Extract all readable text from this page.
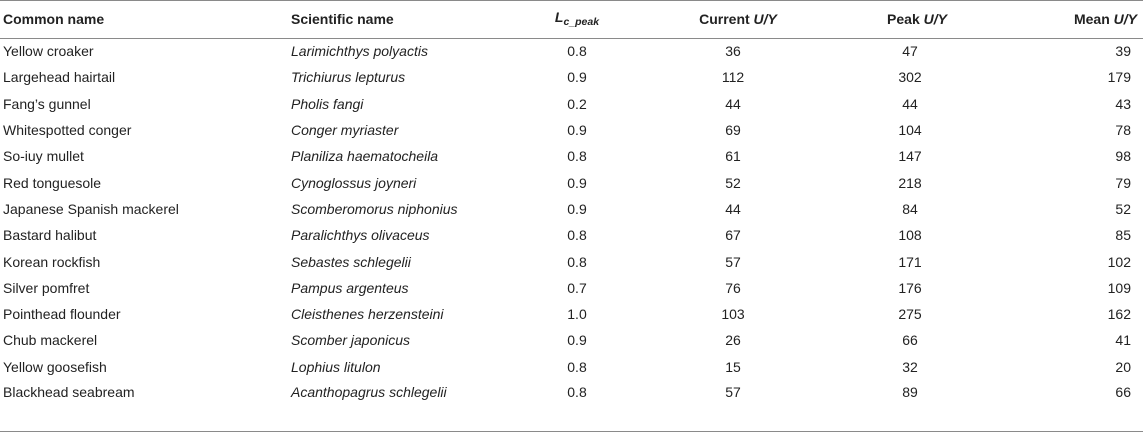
Common name	Scientific name	$L_{c\_peak}$	Current U/Y	Peak U/Y	Mean U/Y
Yellow croaker	Larimichthys polyactis	0.8	36	47	39
Largehead hairtail	Trichiurus lepturus	0.9	112	302	179
Fang’s gunnel	Pholis fangi	0.2	44	44	43
Whitespotted conger	Conger myriaster	0.9	69	104	78
So-iuy mullet	Planiliza haematocheila	0.8	61	147	98
Red tonguesole	Cynoglossus joyneri	0.9	52	218	79
Japanese Spanish mackerel	Scomberomorus niphonius	0.9	44	84	52
Bastard halibut	Paralichthys olivaceus	0.8	67	108	85
Korean rockfish	Sebastes schlegelii	0.8	57	171	102
Silver pomfret	Pampus argenteus	0.7	76	176	109
Pointhead flounder	Cleisthenes herzensteini	1.0	103	275	162
Chub mackerel	Scomber japonicus	0.9	26	66	41
Yellow goosefish	Lophius litulon	0.8	15	32	20
Blackhead seabream	Acanthopagrus schlegelii	0.8	57	89	66
